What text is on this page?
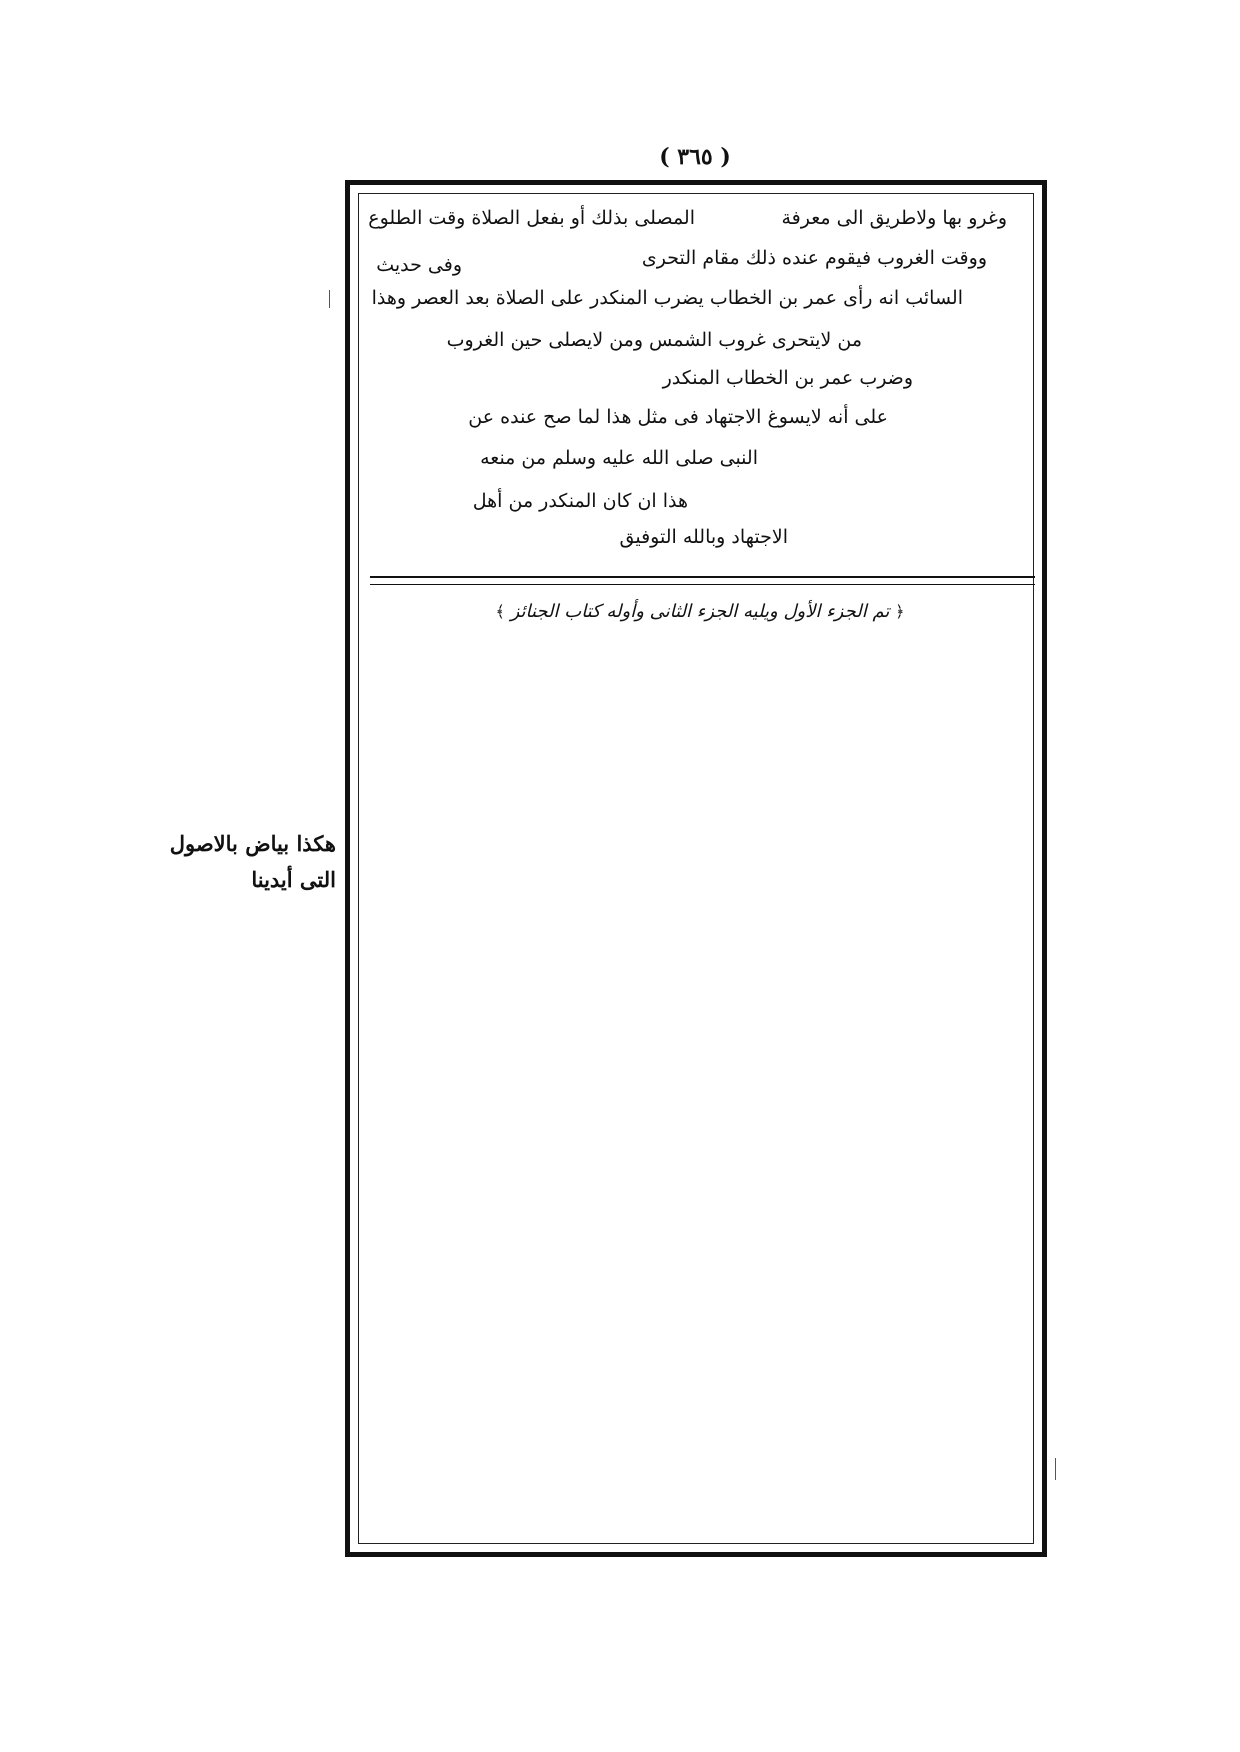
( ٣٦٥ )
وغرو بها ولاطريق الى معرفة
المصلى بذلك أو بفعل الصلاة وقت الطلوع
ووقت الغروب فيقوم عنده ذلك مقام التحرى
وفى حديث
السائب انه رأى عمر بن الخطاب يضرب المنكدر على الصلاة بعد العصر وهذا
من لايتحرى غروب الشمس ومن لايصلى حين الغروب
وضرب عمر بن الخطاب المنكدر
على أنه لايسوغ الاجتهاد فى مثل هذا لما صح عنده عن
النبى صلى الله عليه وسلم من منعه
هذا ان كان المنكدر من أهل
الاجتهاد وبالله التوفيق
﴿ تم الجزء الأول ويليه الجزء الثانى وأوله كتاب الجنائز ﴾
هكذا بياض بالاصول
التى أيدينا
